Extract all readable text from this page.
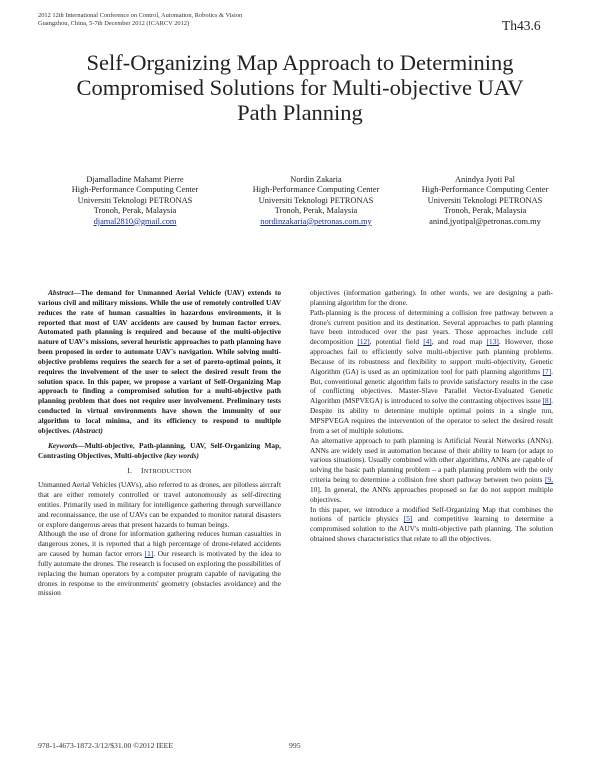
2012 12th International Conference on Control, Automation, Robotics & Vision
Guangzhou, China, 5-7th December 2012 (ICARCV 2012)	Th43.6
Self-Organizing Map Approach to Determining
Compromised Solutions for Multi-objective UAV
Path Planning
Djamalladine Mahamt Pierre
High-Performance Computing Center
Universiti Teknologi PETRONAS
Tronoh, Perak, Malaysia
djamal2810@gmail.com
Nordin Zakaria
High-Performance Computing Center
Universiti Teknologi PETRONAS
Tronoh, Perak, Malaysia
nordinzakaria@petronas.com.my
Anindya Jyoti Pal
High-Performance Computing Center
Universiti Teknologi PETRONAS
Tronoh, Perak, Malaysia
anind.jyotipal@petronas.com.my

Abstract—The demand for Unmanned Aerial Vehicle (UAV) extends to various civil and military missions. While the use of remotely controlled UAV reduces the rate of human casualties in hazardous environments, it is reported that most of UAV accidents are caused by human factor errors. Automated path planning is required and because of the multi-objective nature of UAV's missions, several heuristic approaches to path planning have been proposed in order to automate UAV's navigation. While solving multi-objective problems requires the search for a set of pareto-optimal points, it requires the involvement of the user to select the desired result from the solution space. In this paper, we propose a variant of Self-Organizing Map approach to finding a compromised solution for a multi-objective path planning problem that does not require user involvement. Preliminary tests conducted in virtual environments have shown the immunity of our algorithm to local minima, and its efficiency to respond to multiple objectives. (Abstract)

Keywords—Multi-objective, Path-planning, UAV, Self-Organizing Map, Contrasting Objectives, Multi-objective (key words)

I. INTRODUCTION

Unmanned Aerial Vehicles (UAVs), also referred to as drones, are pilotless aircraft that are either remotely controlled or travel autonomously as self-directing entities. Primarily used in military for intelligence gathering through surveillance and reconnaissance, the use of UAVs can be expanded to monitor natural disasters or explore dangerous areas that present hazards to human beings.

Although the use of drone for information gathering reduces human casualties in dangerous zones, it is reported that a high percentage of drone-related accidents are caused by human factor errors [1]. Our research is motivated by the idea to fully automate the drones. The research is focused on exploring the possibilities of replacing the human operators by a computer program capable of navigating the drones in response to the environments' geometry (obstacles avoidance) and the mission

objectives (information gathering). In other words, we are designing a path-planning algorithm for the drone.

Path-planning is the process of determining a collision free pathway between a drone's current position and its destination. Several approaches to path planning have been introduced over the past years. Those approaches include cell decomposition [12], potential field [4], and road map [13]. However, those approaches fail to efficiently solve multi-objective path planning problems. Because of its robustness and flexibility to support multi-objectivity, Genetic Algorithm (GA) is used as an optimization tool for path planning algorithms [7]. But, conventional genetic algorithm fails to provide satisfactory results in the case of conflicting objectives. Master-Slave Parallel Vector-Evaluated Genetic Algorithm (MSPVEGA) is introduced to solve the contrasting objectives issue [8]. Despite its ability to determine multiple optimal points in a single run, MPSPVEGA requires the intervention of the operator to select the desired result from a set of multiple solutions.

An alternative approach to path planning is Artificial Neural Networks (ANNs). ANNs are widely used in automation because of their ability to learn (or adapt to various situations). Usually combined with other algorithms, ANNs are capable of solving the basic path planning problem – a path planning problem with the only criteria being to determine a collision free short pathway between two points [9, 10]. In general, the ANNs approaches proposed so far do not support multiple objectives.

In this paper, we introduce a modified Self-Organizing Map that combines the notions of particle physics [5] and competitive learning to determine a compromised solution to the AUV's multi-objective path planning. The solution obtained shows characteristics that relate to all the objectives.

978-1-4673-1872-3/12/$31.00 ©2012 IEEE	995
